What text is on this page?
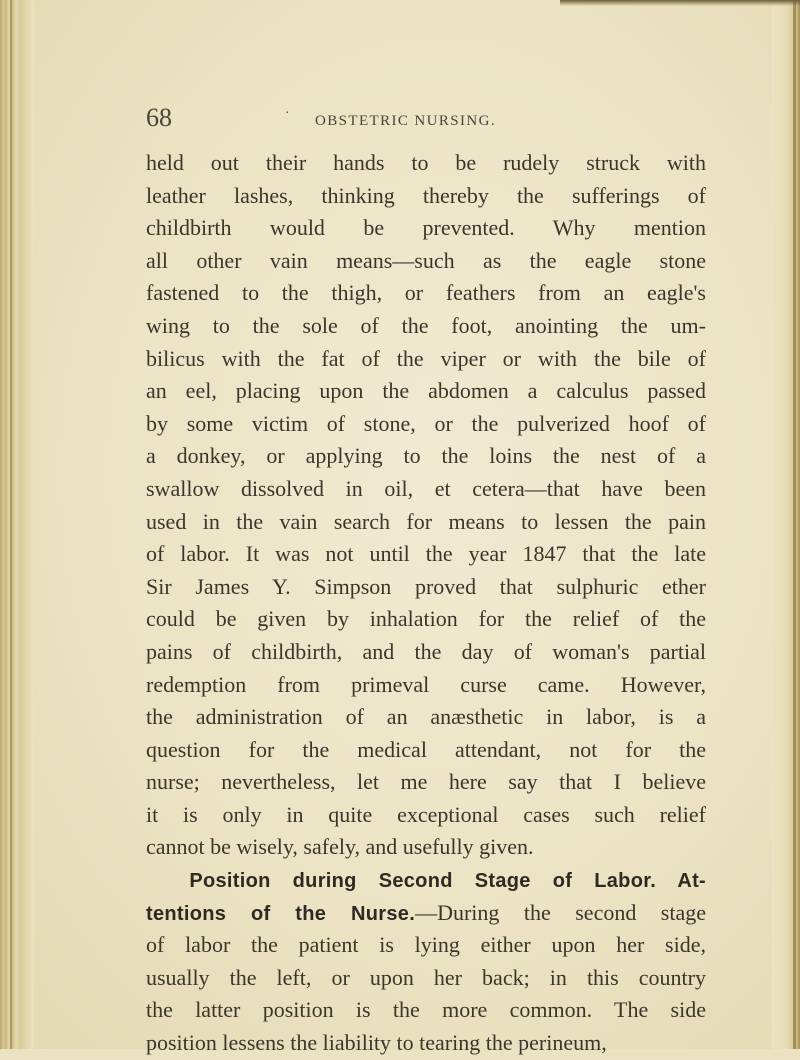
68	· OBSTETRIC NURSING.
held out their hands to be rudely struck with
leather lashes, thinking thereby the sufferings of
childbirth would be prevented. Why mention
all other vain means—such as the eagle stone
fastened to the thigh, or feathers from an eagle's
wing to the sole of the foot, anointing the um-
bilicus with the fat of the viper or with the bile of
an eel, placing upon the abdomen a calculus passed
by some victim of stone, or the pulverized hoof of
a donkey, or applying to the loins the nest of a
swallow dissolved in oil, et cetera—that have been
used in the vain search for means to lessen the pain
of labor. It was not until the year 1847 that the late
Sir James Y. Simpson proved that sulphuric ether
could be given by inhalation for the relief of the
pains of childbirth, and the day of woman's partial
redemption from primeval curse came. However,
the administration of an anæsthetic in labor, is a
question for the medical attendant, not for the
nurse; nevertheless, let me here say that I believe
it is only in quite exceptional cases such relief
cannot be wisely, safely, and usefully given.
Position during Second Stage of Labor. At-
tentions of the Nurse.—During the second stage
of labor the patient is lying either upon her side,
usually the left, or upon her back; in this country
the latter position is the more common. The side
position lessens the liability to tearing the perineum,
